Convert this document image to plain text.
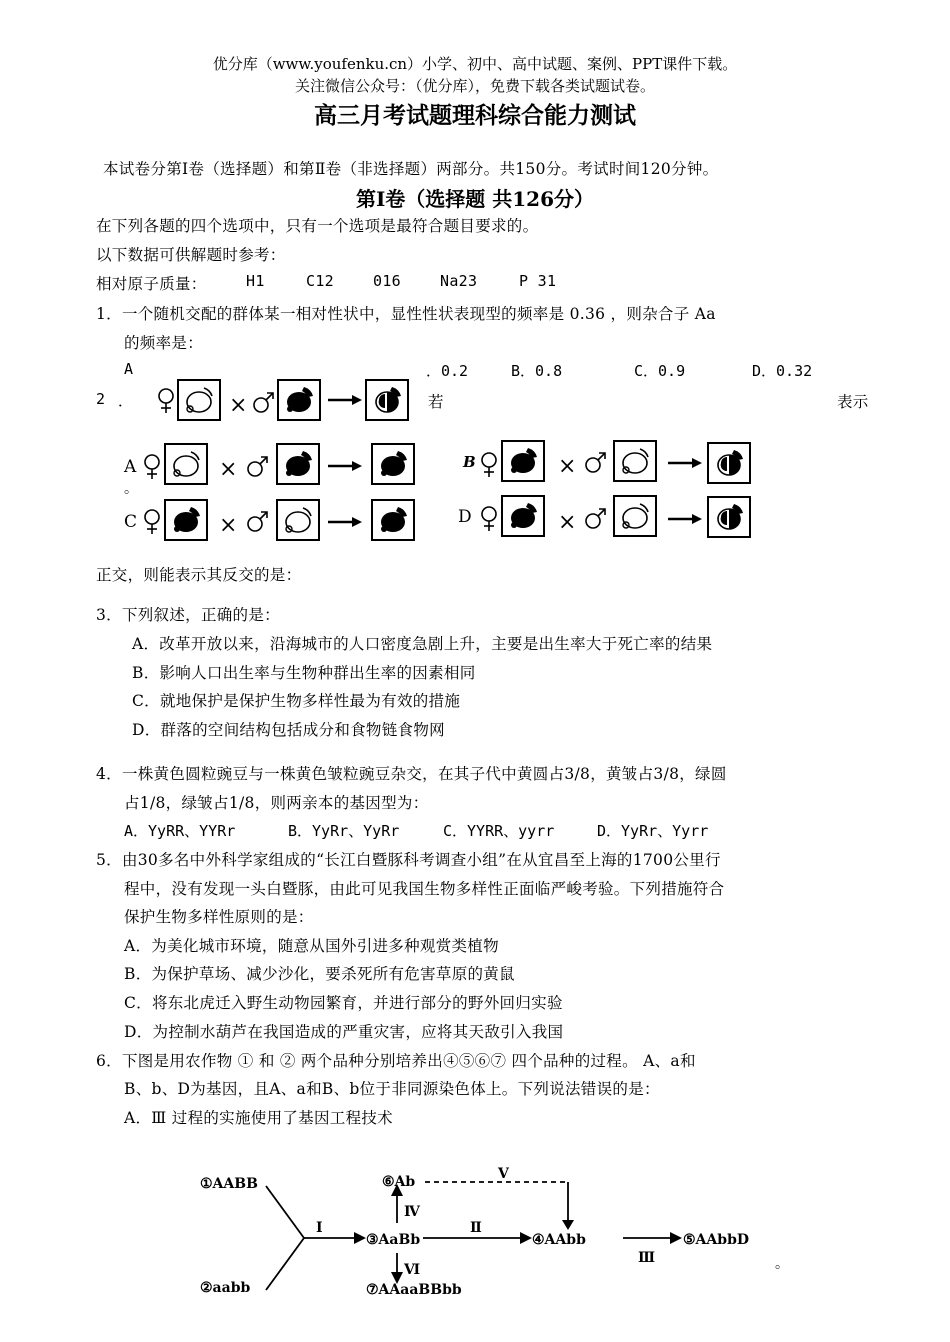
优分库（www.youfenku.cn）小学、初中、高中试题、案例、PPT课件下载。
关注微信公众号：（优分库），免费下载各类试题试卷。
高三月考试题理科综合能力测试
本试卷分第Ⅰ卷（选择题）和第Ⅱ卷（非选择题）两部分。共150分。考试时间120分钟。
第Ⅰ卷（选择题 共126分）
在下列各题的四个选项中，只有一个选项是最符合题目要求的。
以下数据可供解题时参考：
相对原子质量：	H1	C12	016	Na23	P 31
1．一个随机交配的群体某一相对性状中，显性性状表现型的频率是 0.36 ，则杂合子 Aa
的频率是：
A	．0.2	B．0.8	C．0.9	D．0.32
2 ．	若	表示
×
×	×
×	×
A
。
B
C	D
正交，则能表示其反交的是：
3．下列叙述，正确的是：
A．改革开放以来，沿海城市的人口密度急剧上升，主要是出生率大于死亡率的结果
B．影响人口出生率与生物种群出生率的因素相同
C．就地保护是保护生物多样性最为有效的措施
D．群落的空间结构包括成分和食物链食物网
4．一株黄色圆粒豌豆与一株黄色皱粒豌豆杂交，在其子代中黄圆占3/8，黄皱占3/8，绿圆
占1/8，绿皱占1/8，则两亲本的基因型为：
A．YyRR、YYRr	B．YyRr、YyRr	C．YYRR、yyrr	D．YyRr、Yyrr
5．由30多名中外科学家组成的“长江白暨豚科考调查小组”在从宜昌至上海的1700公里行
程中，没有发现一头白暨豚，由此可见我国生物多样性正面临严峻考验。下列措施符合
保护生物多样性原则的是：
A．为美化城市环境，随意从国外引进多种观赏类植物
B．为保护草场、减少沙化，要杀死所有危害草原的黄鼠
C．将东北虎迁入野生动物园繁育，并进行部分的野外回归实验
D．为控制水葫芦在我国造成的严重灾害，应将其天敌引入我国
6．下图是用农作物 ① 和 ② 两个品种分别培养出④⑤⑥⑦ 四个品种的过程。 A、a和
B、b、D为基因，且A、a和B、b位于非同源染色体上。下列说法错误的是：
A．Ⅲ 过程的实施使用了基因工程技术
①AABB
②aabb
③AaBb	④AAbb	⑤AAbbD
⑥Ab
⑦AAaaBBbb
Ⅰ	Ⅱ
Ⅲ
Ⅳ
Ⅴ
Ⅵ	。
